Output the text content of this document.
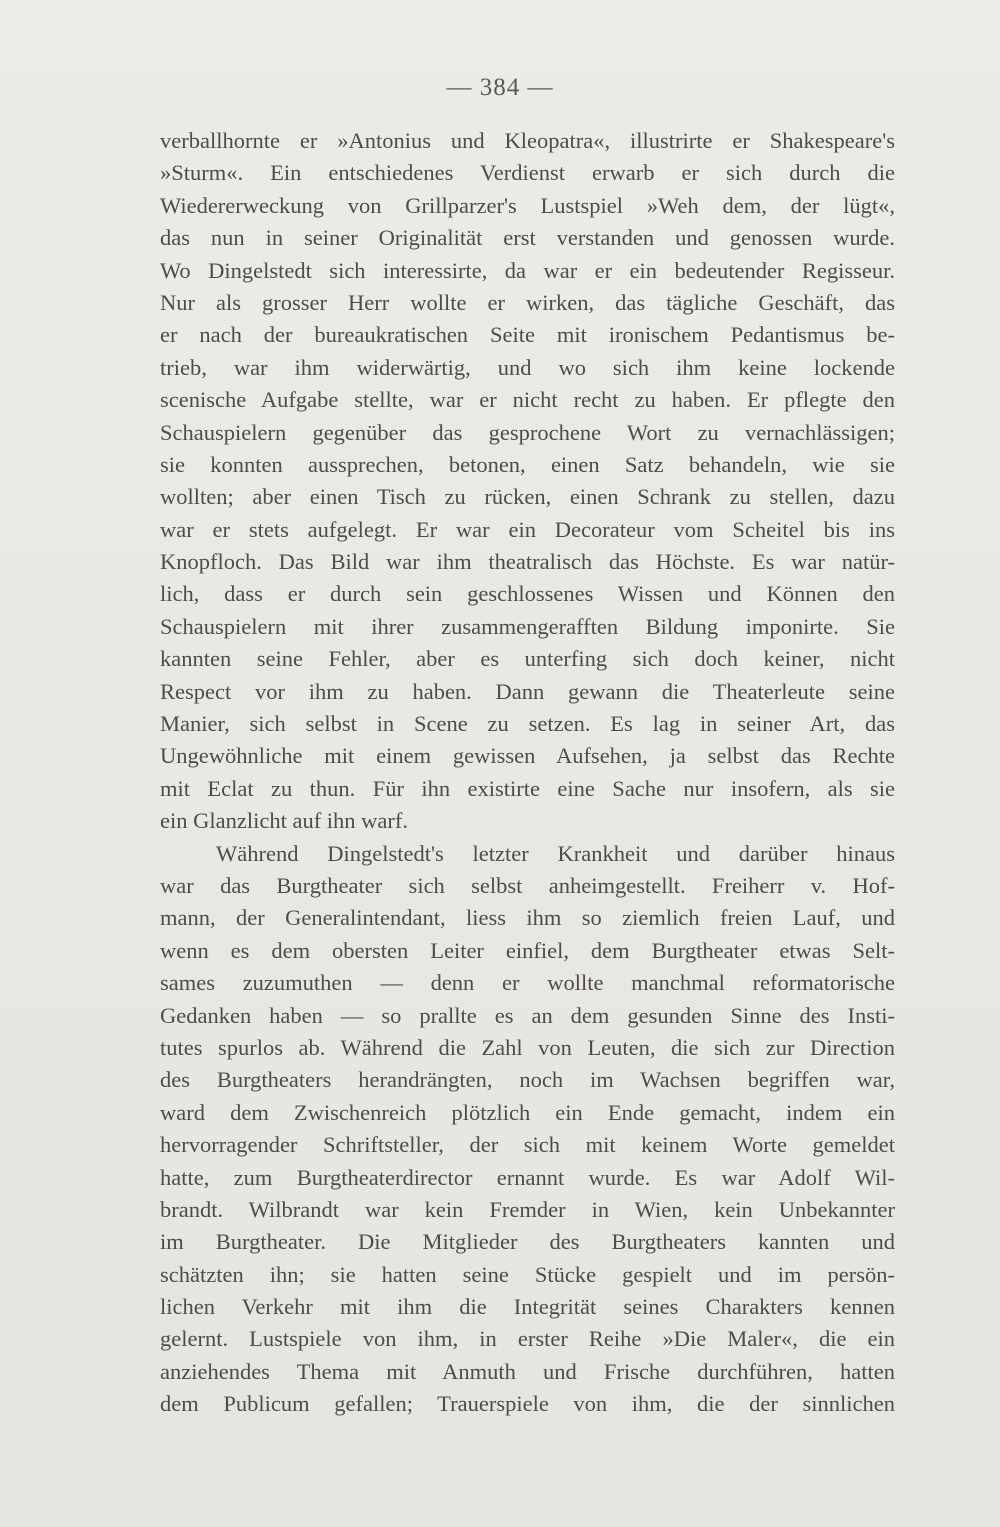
— 384 —
verballhornte er »Antonius und Kleopatra«, illustrirte er Shakespeare's
»Sturm«. Ein entschiedenes Verdienst erwarb er sich durch die
Wiedererweckung von Grillparzer's Lustspiel »Weh dem, der lügt«,
das nun in seiner Originalität erst verstanden und genossen wurde.
Wo Dingelstedt sich interessirte, da war er ein bedeutender Regisseur.
Nur als grosser Herr wollte er wirken, das tägliche Geschäft, das
er nach der bureaukratischen Seite mit ironischem Pedantismus be-
trieb, war ihm widerwärtig, und wo sich ihm keine lockende
scenische Aufgabe stellte, war er nicht recht zu haben. Er pflegte den
Schauspielern gegenüber das gesprochene Wort zu vernachlässigen;
sie konnten aussprechen, betonen, einen Satz behandeln, wie sie
wollten; aber einen Tisch zu rücken, einen Schrank zu stellen, dazu
war er stets aufgelegt. Er war ein Decorateur vom Scheitel bis ins
Knopfloch. Das Bild war ihm theatralisch das Höchste. Es war natür-
lich, dass er durch sein geschlossenes Wissen und Können den
Schauspielern mit ihrer zusammengerafften Bildung imponirte. Sie
kannten seine Fehler, aber es unterfing sich doch keiner, nicht
Respect vor ihm zu haben. Dann gewann die Theaterleute seine
Manier, sich selbst in Scene zu setzen. Es lag in seiner Art, das
Ungewöhnliche mit einem gewissen Aufsehen, ja selbst das Rechte
mit Eclat zu thun. Für ihn existirte eine Sache nur insofern, als sie
ein Glanzlicht auf ihn warf.
Während Dingelstedt's letzter Krankheit und darüber hinaus
war das Burgtheater sich selbst anheimgestellt. Freiherr v. Hof-
mann, der Generalintendant, liess ihm so ziemlich freien Lauf, und
wenn es dem obersten Leiter einfiel, dem Burgtheater etwas Selt-
sames zuzumuthen — denn er wollte manchmal reformatorische
Gedanken haben — so prallte es an dem gesunden Sinne des Insti-
tutes spurlos ab. Während die Zahl von Leuten, die sich zur Direction
des Burgtheaters herandrängten, noch im Wachsen begriffen war,
ward dem Zwischenreich plötzlich ein Ende gemacht, indem ein
hervorragender Schriftsteller, der sich mit keinem Worte gemeldet
hatte, zum Burgtheaterdirector ernannt wurde. Es war Adolf Wil-
brandt. Wilbrandt war kein Fremder in Wien, kein Unbekannter
im Burgtheater. Die Mitglieder des Burgtheaters kannten und
schätzten ihn; sie hatten seine Stücke gespielt und im persön-
lichen Verkehr mit ihm die Integrität seines Charakters kennen
gelernt. Lustspiele von ihm, in erster Reihe »Die Maler«, die ein
anziehendes Thema mit Anmuth und Frische durchführen, hatten
dem Publicum gefallen; Trauerspiele von ihm, die der sinnlichen
